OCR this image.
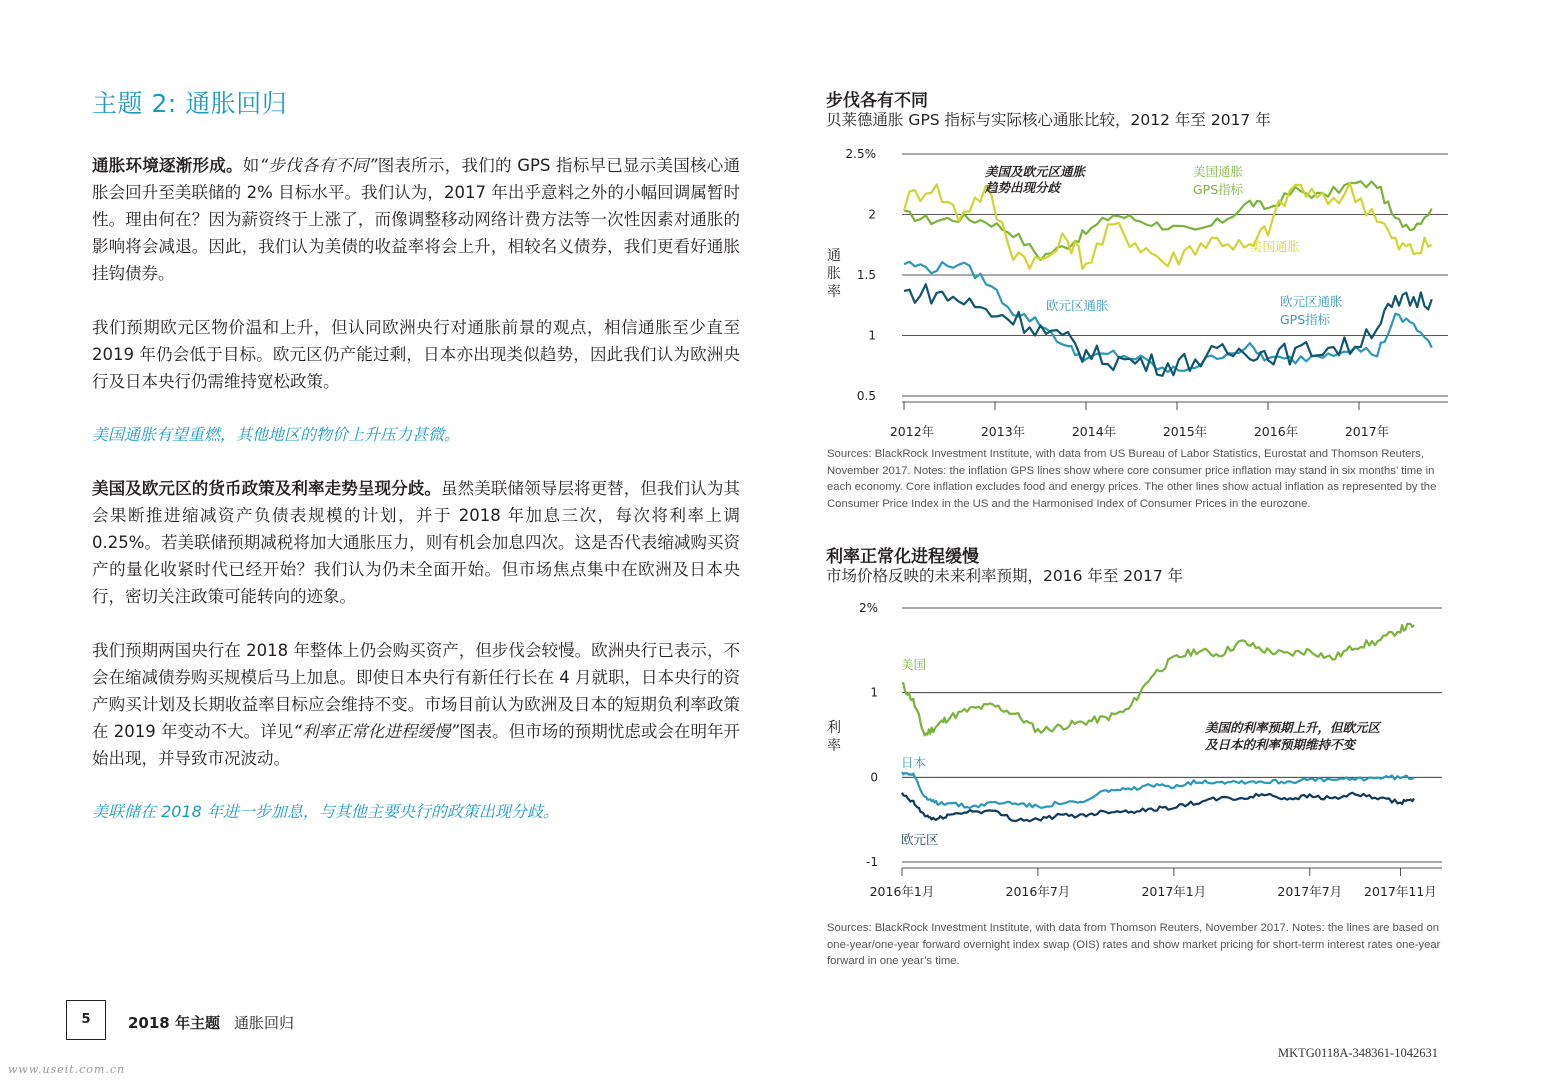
主题 2: 通胀回归

通胀环境逐渐形成。如“步伐各有不同”图表所示，我们的 GPS 指标早已显示美国核心通胀会回升至美联储的 2% 目标水平。我们认为，2017 年出乎意料之外的小幅回调属暂时性。理由何在？因为薪资终于上涨了，而像调整移动网络计费方法等一次性因素对通胀的影响将会减退。因此，我们认为美债的收益率将会上升，相较名义债券，我们更看好通胀挂钩债券。

我们预期欧元区物价温和上升，但认同欧洲央行对通胀前景的观点，相信通胀至少直至 2019 年仍会低于目标。欧元区仍产能过剩，日本亦出现类似趋势，因此我们认为欧洲央行及日本央行仍需维持宽松政策。

美国通胀有望重燃，其他地区的物价上升压力甚微。

美国及欧元区的货币政策及利率走势呈现分歧。虽然美联储领导层将更替，但我们认为其会果断推进缩减资产负债表规模的计划，并于 2018 年加息三次，每次将利率上调 0.25%。若美联储预期减税将加大通胀压力，则有机会加息四次。这是否代表缩减购买资产的量化收紧时代已经开始？我们认为仍未全面开始。但市场焦点集中在欧洲及日本央行，密切关注政策可能转向的迹象。

我们预期两国央行在 2018 年整体上仍会购买资产，但步伐会较慢。欧洲央行已表示，不会在缩减债券购买规模后马上加息。即使日本央行有新任行长在 4 月就职，日本央行的资产购买计划及长期收益率目标应会维持不变。市场目前认为欧洲及日本的短期负利率政策在 2019 年变动不大。详见“利率正常化进程缓慢”图表。但市场的预期忧虑或会在明年开始出现，并导致市况波动。

美联储在 2018 年进一步加息，与其他主要央行的政策出现分歧。

步伐各有不同
贝莱德通胀 GPS 指标与实际核心通胀比较，2012 年至 2017 年
2.5%
2
1.5
1
0.5
2012年	2013年	2014年	2015年	2016年	2017年
通
胀
率
美国及欧元区通胀
趋势出现分歧
美国通胀
GPS指标
美国通胀
欧元区通胀	欧元区通胀
GPS指标
Sources: BlackRock Investment Institute, with data from US Bureau of Labor Statistics, Eurostat and Thomson Reuters, November 2017. Notes: the inflation GPS lines show where core consumer price inflation may stand in six months’ time in each economy. Core inflation excludes food and energy prices. The other lines show actual inflation as represented by the Consumer Price Index in the US and the Harmonised Index of Consumer Prices in the eurozone.
利率正常化进程缓慢
市场价格反映的未来利率预期，2016 年至 2017 年
2%
1
0
-1
2016年1月	2016年7月	2017年1月	2017年7月 2017年11月
利
率
美国
日本
欧元区
美国的利率预期上升，但欧元区
及日本的利率预期维持不变
Sources: BlackRock Investment Institute, with data from Thomson Reuters, November 2017. Notes: the lines are based on one-year/one-year forward overnight index swap (OIS) rates and show market pricing for short-term interest rates one-year forward in one year’s time.
5	2018 年主题 通胀回归
MKTG0118A-348361-1042631
www.useit.com.cn
